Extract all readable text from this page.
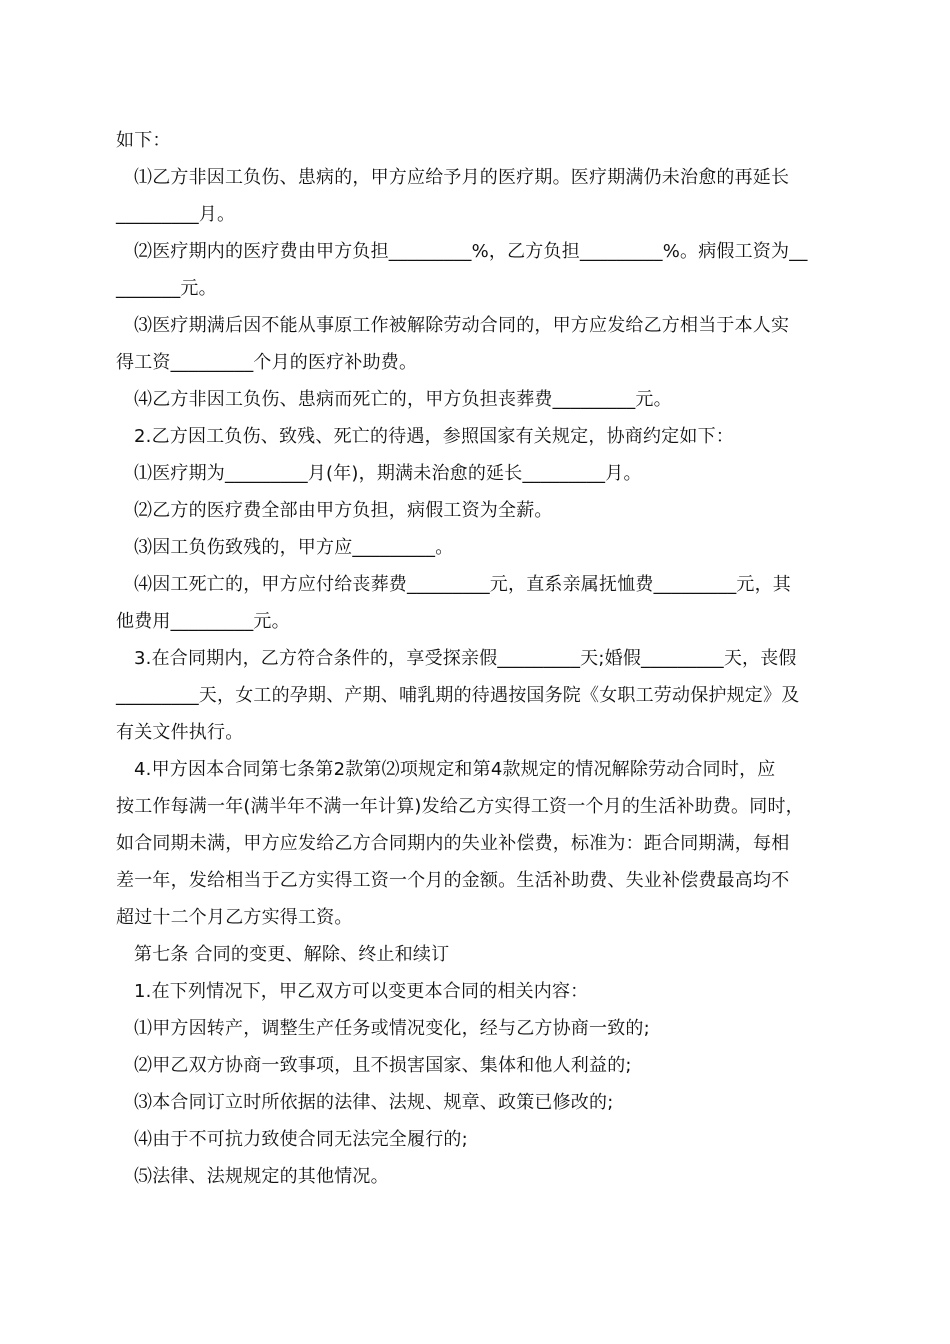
如下：
⑴乙方非因工负伤、患病的，甲方应给予月的医疗期。医疗期满仍未治愈的再延长
_________月。
⑵医疗期内的医疗费由甲方负担_________%，乙方负担_________%。病假工资为__
_______元。
⑶医疗期满后因不能从事原工作被解除劳动合同的，甲方应发给乙方相当于本人实
得工资_________个月的医疗补助费。
⑷乙方非因工负伤、患病而死亡的，甲方负担丧葬费_________元。
2.乙方因工负伤、致残、死亡的待遇，参照国家有关规定，协商约定如下：
⑴医疗期为_________月(年)，期满未治愈的延长_________月。
⑵乙方的医疗费全部由甲方负担，病假工资为全薪。
⑶因工负伤致残的，甲方应_________。
⑷因工死亡的，甲方应付给丧葬费_________元，直系亲属抚恤费_________元，其
他费用_________元。
3.在合同期内，乙方符合条件的，享受探亲假_________天;婚假_________天，丧假
_________天，女工的孕期、产期、哺乳期的待遇按国务院《女职工劳动保护规定》及
有关文件执行。
4.甲方因本合同第七条第2款第⑵项规定和第4款规定的情况解除劳动合同时，应
按工作每满一年(满半年不满一年计算)发给乙方实得工资一个月的生活补助费。同时，
如合同期未满，甲方应发给乙方合同期内的失业补偿费，标准为：距合同期满，每相
差一年，发给相当于乙方实得工资一个月的金额。生活补助费、失业补偿费最高均不
超过十二个月乙方实得工资。
第七条 合同的变更、解除、终止和续订
1.在下列情况下，甲乙双方可以变更本合同的相关内容：
⑴甲方因转产，调整生产任务或情况变化，经与乙方协商一致的;
⑵甲乙双方协商一致事项，且不损害国家、集体和他人利益的;
⑶本合同订立时所依据的法律、法规、规章、政策已修改的;
⑷由于不可抗力致使合同无法完全履行的;
⑸法律、法规规定的其他情况。
